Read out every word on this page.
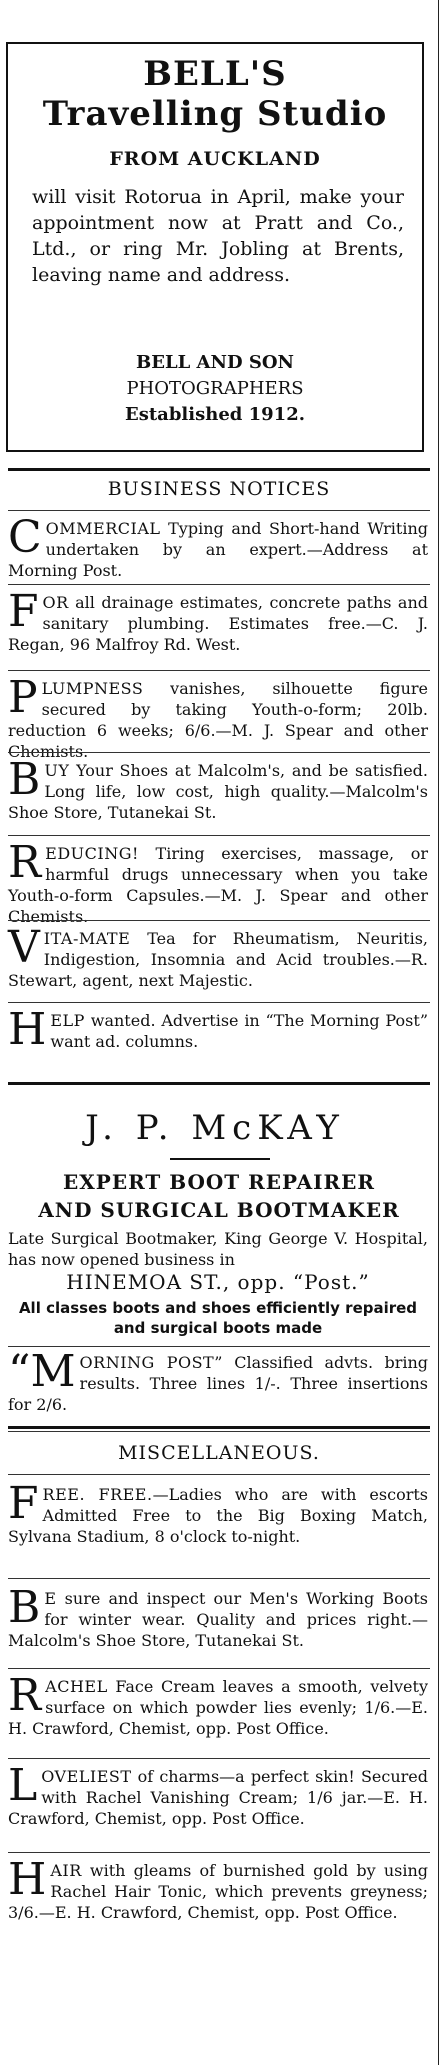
BELL'S
Travelling Studio
FROM AUCKLAND
will visit Rotorua in April, make your appointment now at Pratt and Co., Ltd., or ring Mr. Jobling at Brents, leaving name and address.
BELL AND SON
PHOTOGRAPHERS
Established 1912.
BUSINESS NOTICES
COMMERCIAL Typing and Short-hand Writing undertaken by an expert.—Address at Morning Post.
FOR all drainage estimates, concrete paths and sanitary plumbing. Estimates free.—C. J. Regan, 96 Malfroy Rd. West.
PLUMPNESS vanishes, silhouette figure secured by taking Youth-o-form; 20lb. reduction 6 weeks; 6/6.—M. J. Spear and other Chemists.
BUY Your Shoes at Malcolm's, and be satisfied. Long life, low cost, high quality.—Malcolm's Shoe Store, Tutanekai St.
REDUCING! Tiring exercises, massage, or harmful drugs unnecessary when you take Youth-o-form Capsules.—M. J. Spear and other Chemists.
VITA-MATE Tea for Rheumatism, Neuritis, Indigestion, Insomnia and Acid troubles.—R. Stewart, agent, next Majestic.
HELP wanted. Advertise in “The Morning Post” want ad. columns.
J. P. McKAY
EXPERT BOOT REPAIRER
AND SURGICAL BOOTMAKER
Late Surgical Bootmaker, King George V. Hospital, has now opened business in
HINEMOA ST., opp. “Post.”
All classes boots and shoes efficiently repaired and surgical boots made
“MORNING POST” Classified advts. bring results. Three lines 1/-. Three insertions for 2/6.
MISCELLANEOUS.
FREE. FREE.—Ladies who are with escorts Admitted Free to the Big Boxing Match, Sylvana Stadium, 8 o'clock to-night.
B E sure and inspect our Men's Working Boots for winter wear. Quality and prices right.—Malcolm's Shoe Store, Tutanekai St.
RACHEL Face Cream leaves a smooth, velvety surface on which powder lies evenly; 1/6.—E. H. Crawford, Chemist, opp. Post Office.
LOVELIEST of charms—a perfect skin! Secured with Rachel Vanishing Cream; 1/6 jar.—E. H. Crawford, Chemist, opp. Post Office.
HAIR with gleams of burnished gold by using Rachel Hair Tonic, which prevents greyness; 3/6.—E. H. Crawford, Chemist, opp. Post Office.
